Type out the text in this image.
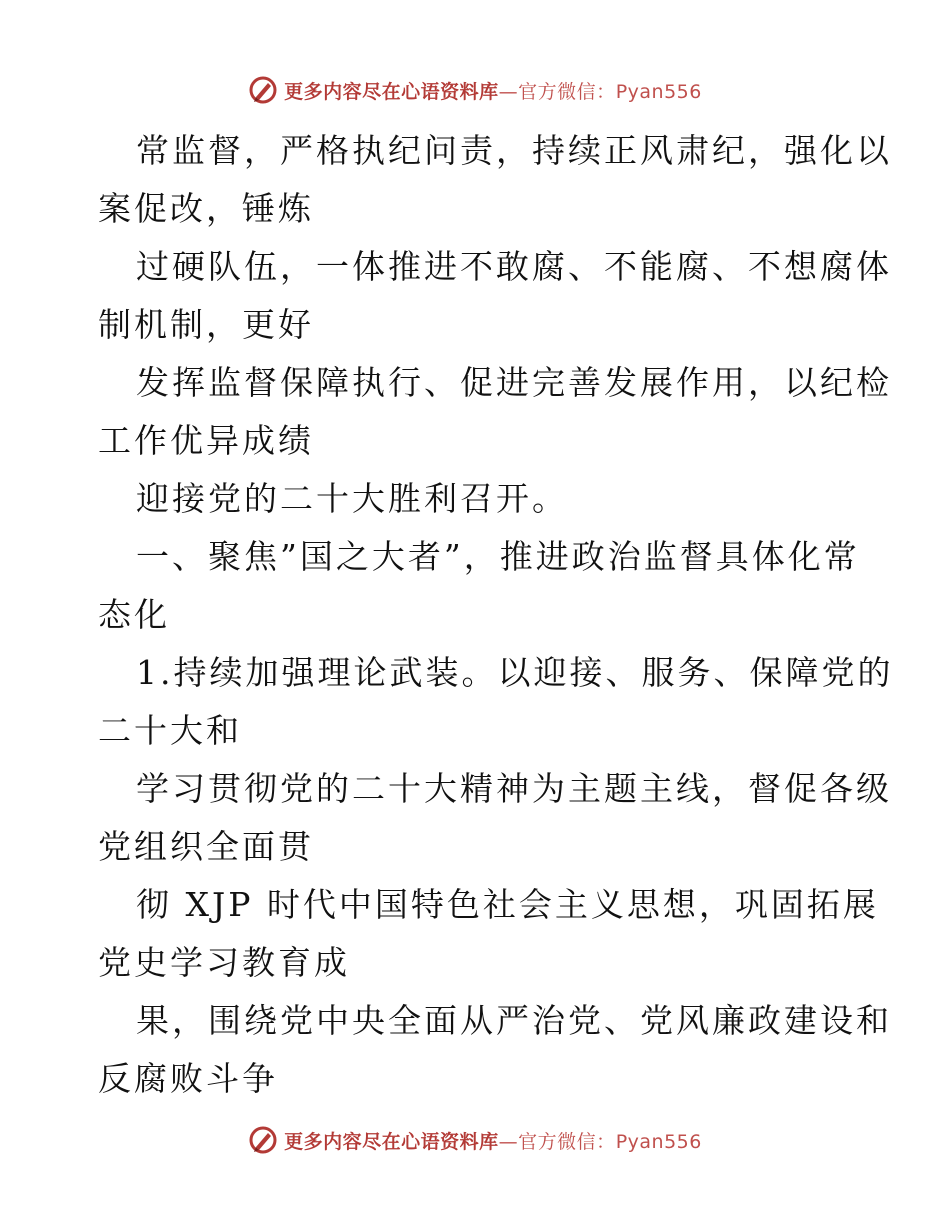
更多内容尽在心语资料库—官方微信：Pyan556
常监督，严格执纪问责，持续正风肃纪，强化以
案促改，锤炼
过硬队伍，一体推进不敢腐、不能腐、不想腐体
制机制，更好
发挥监督保障执行、促进完善发展作用，以纪检
工作优异成绩
迎接党的二十大胜利召开。
一、聚焦”国之大者”，推进政治监督具体化常
态化
1.持续加强理论武装。以迎接、服务、保障党的
二十大和
学习贯彻党的二十大精神为主题主线，督促各级
党组织全面贯
彻 XJP 时代中国特色社会主义思想，巩固拓展
党史学习教育成
果，围绕党中央全面从严治党、党风廉政建设和
反腐败斗争
更多内容尽在心语资料库—官方微信：Pyan556
